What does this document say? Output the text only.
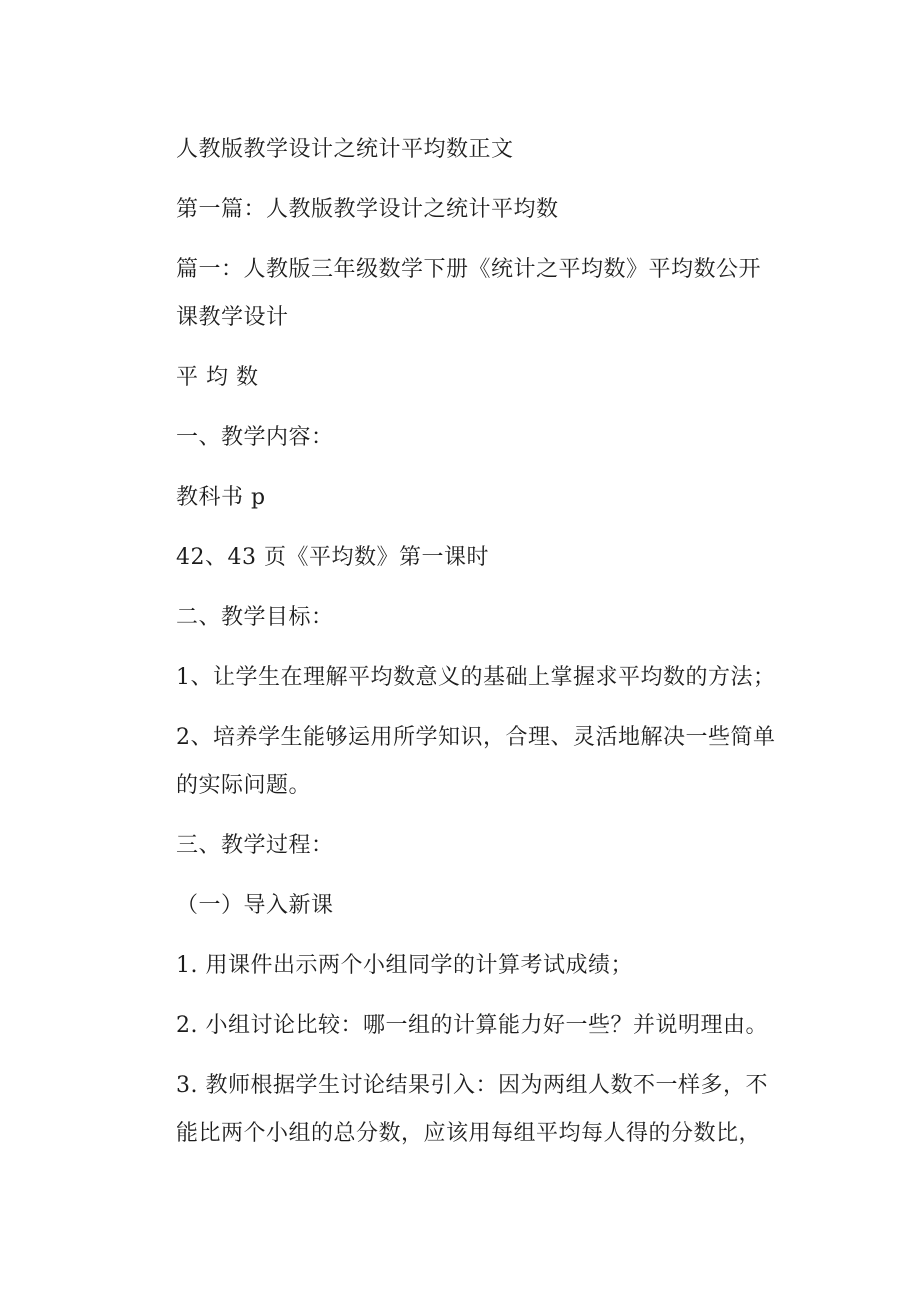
人教版教学设计之统计平均数正文
第一篇：人教版教学设计之统计平均数
篇一：人教版三年级数学下册《统计之平均数》平均数公开
课教学设计
平 均 数
一、教学内容：
教科书 p
42、43 页《平均数》第一课时
二、教学目标：
1、让学生在理解平均数意义的基础上掌握求平均数的方法；
2、培养学生能够运用所学知识，合理、灵活地解决一些简单
的实际问题。
三、教学过程：
（一）导入新课
1. 用课件出示两个小组同学的计算考试成绩；
2. 小组讨论比较：哪一组的计算能力好一些？并说明理由。
3. 教师根据学生讨论结果引入：因为两组人数不一样多，不
能比两个小组的总分数，应该用每组平均每人得的分数比，
